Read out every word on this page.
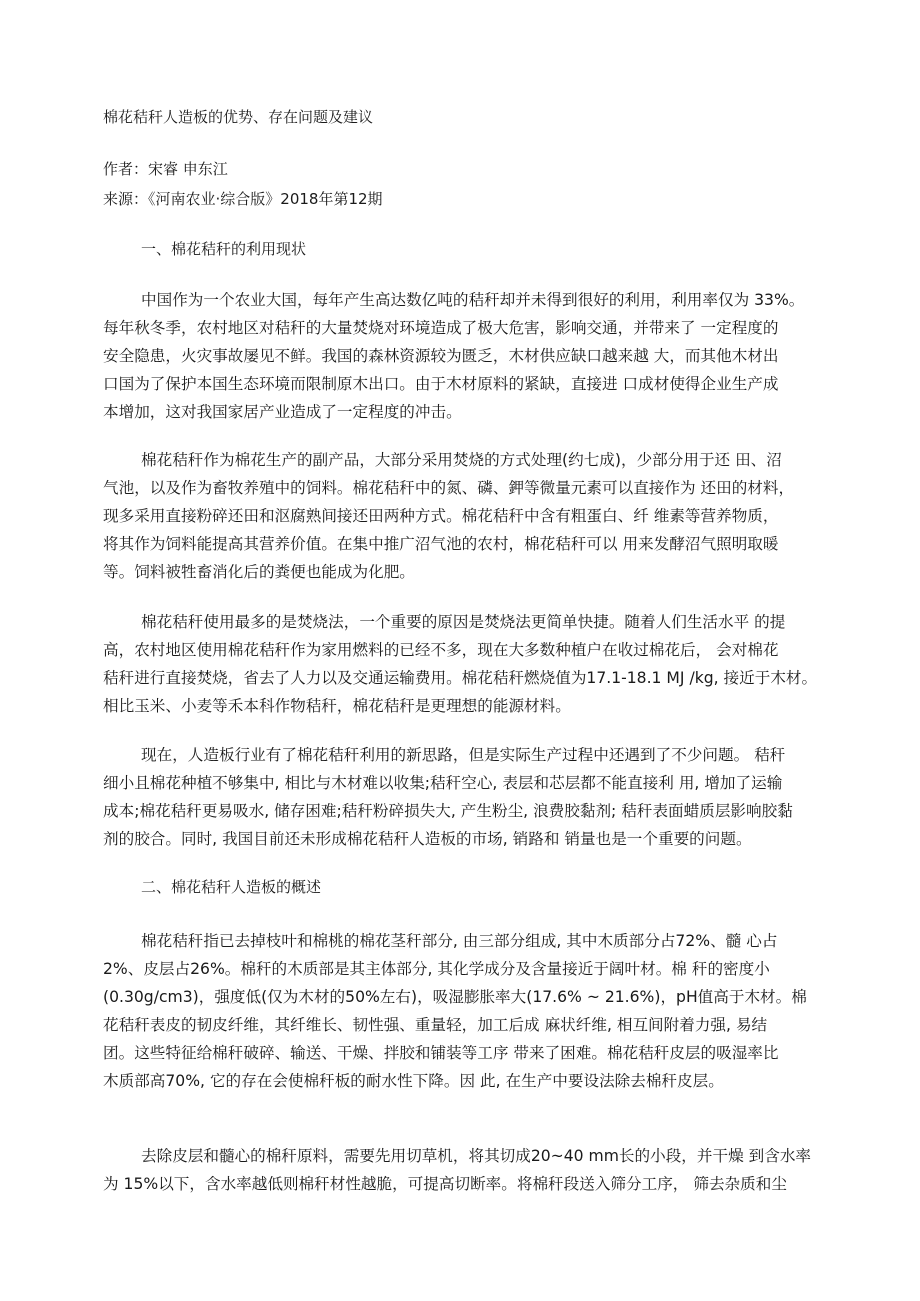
棉花秸秆人造板的优势、存在问题及建议
作者：宋睿 申东江
来源：《河南农业·综合版》2018年第12期
一、棉花秸秆的利用现状
中国作为一个农业大国，每年产生高达数亿吨的秸秆却并未得到很好的利用，利用率仅为 33%。
每年秋冬季，农村地区对秸秆的大量焚烧对环境造成了极大危害，影响交通，并带来了 一定程度的
安全隐患，火灾事故屡见不鲜。我国的森林资源较为匮乏，木材供应缺口越来越 大，而其他木材出
口国为了保护本国生态环境而限制原木出口。由于木材原料的紧缺，直接进 口成材使得企业生产成
本增加，这对我国家居产业造成了一定程度的冲击。
棉花秸秆作为棉花生产的副产品，大部分采用焚烧的方式处理(约七成)，少部分用于还 田、沼
气池，以及作为畜牧养殖中的饲料。棉花秸秆中的氮、磷、鉀等微量元素可以直接作为 还田的材料，
现多采用直接粉碎还田和沤腐熟间接还田两种方式。棉花秸秆中含有粗蛋白、纤 维素等营养物质，
将其作为饲料能提高其营养价值。在集中推广沼气池的农村，棉花秸秆可以 用来发酵沼气照明取暖
等。饲料被牲畜消化后的粪便也能成为化肥。
棉花秸秆使用最多的是焚烧法，一个重要的原因是焚烧法更简单快捷。随着人们生活水平 的提
高，农村地区使用棉花秸秆作为家用燃料的已经不多，现在大多数种植户在收过棉花后， 会对棉花
秸秆进行直接焚烧，省去了人力以及交通运输费用。棉花秸秆燃烧值为17.1-18.1 MJ /kg, 接近于木材。
相比玉米、小麦等禾本科作物秸秆，棉花秸秆是更理想的能源材料。
现在，人造板行业有了棉花秸秆利用的新思路，但是实际生产过程中还遇到了不少问题。 秸秆
细小且棉花种植不够集中, 相比与木材难以收集;秸秆空心, 表层和芯层都不能直接利 用, 增加了运输
成本;棉花秸秆更易吸水, 储存困难;秸秆粉碎损失大, 产生粉尘, 浪费胶黏剂; 秸秆表面蜡质层影响胶黏
剂的胶合。同时, 我国目前还未形成棉花秸秆人造板的市场, 销路和 销量也是一个重要的问题。
二、棉花秸秆人造板的概述
棉花秸秆指已去掉枝叶和棉桃的棉花茎秆部分, 由三部分组成, 其中木质部分占72%、髓 心占
2%、皮层占26%。棉秆的木质部是其主体部分, 其化学成分及含量接近于阔叶材。棉 秆的密度小
(0.30g/cm3)，强度低(仅为木材的50%左右)，吸湿膨胀率大(17.6% ~ 21.6%)，pH值高于木材。棉
花秸秆表皮的韧皮纤维，其纤维长、韧性强、重量轻，加工后成 麻状纤维, 相互间附着力强, 易结
团。这些特征给棉秆破碎、输送、干燥、拌胶和铺装等工序 带来了困难。棉花秸秆皮层的吸湿率比
木质部高70%, 它的存在会使棉秆板的耐水性下降。因 此, 在生产中要设法除去棉秆皮层。
去除皮层和髓心的棉秆原料，需要先用切草机，将其切成20~40 mm长的小段，并干燥 到含水率
为 15%以下，含水率越低则棉秆材性越脆，可提高切断率。将棉秆段送入筛分工序， 筛去杂质和尘
